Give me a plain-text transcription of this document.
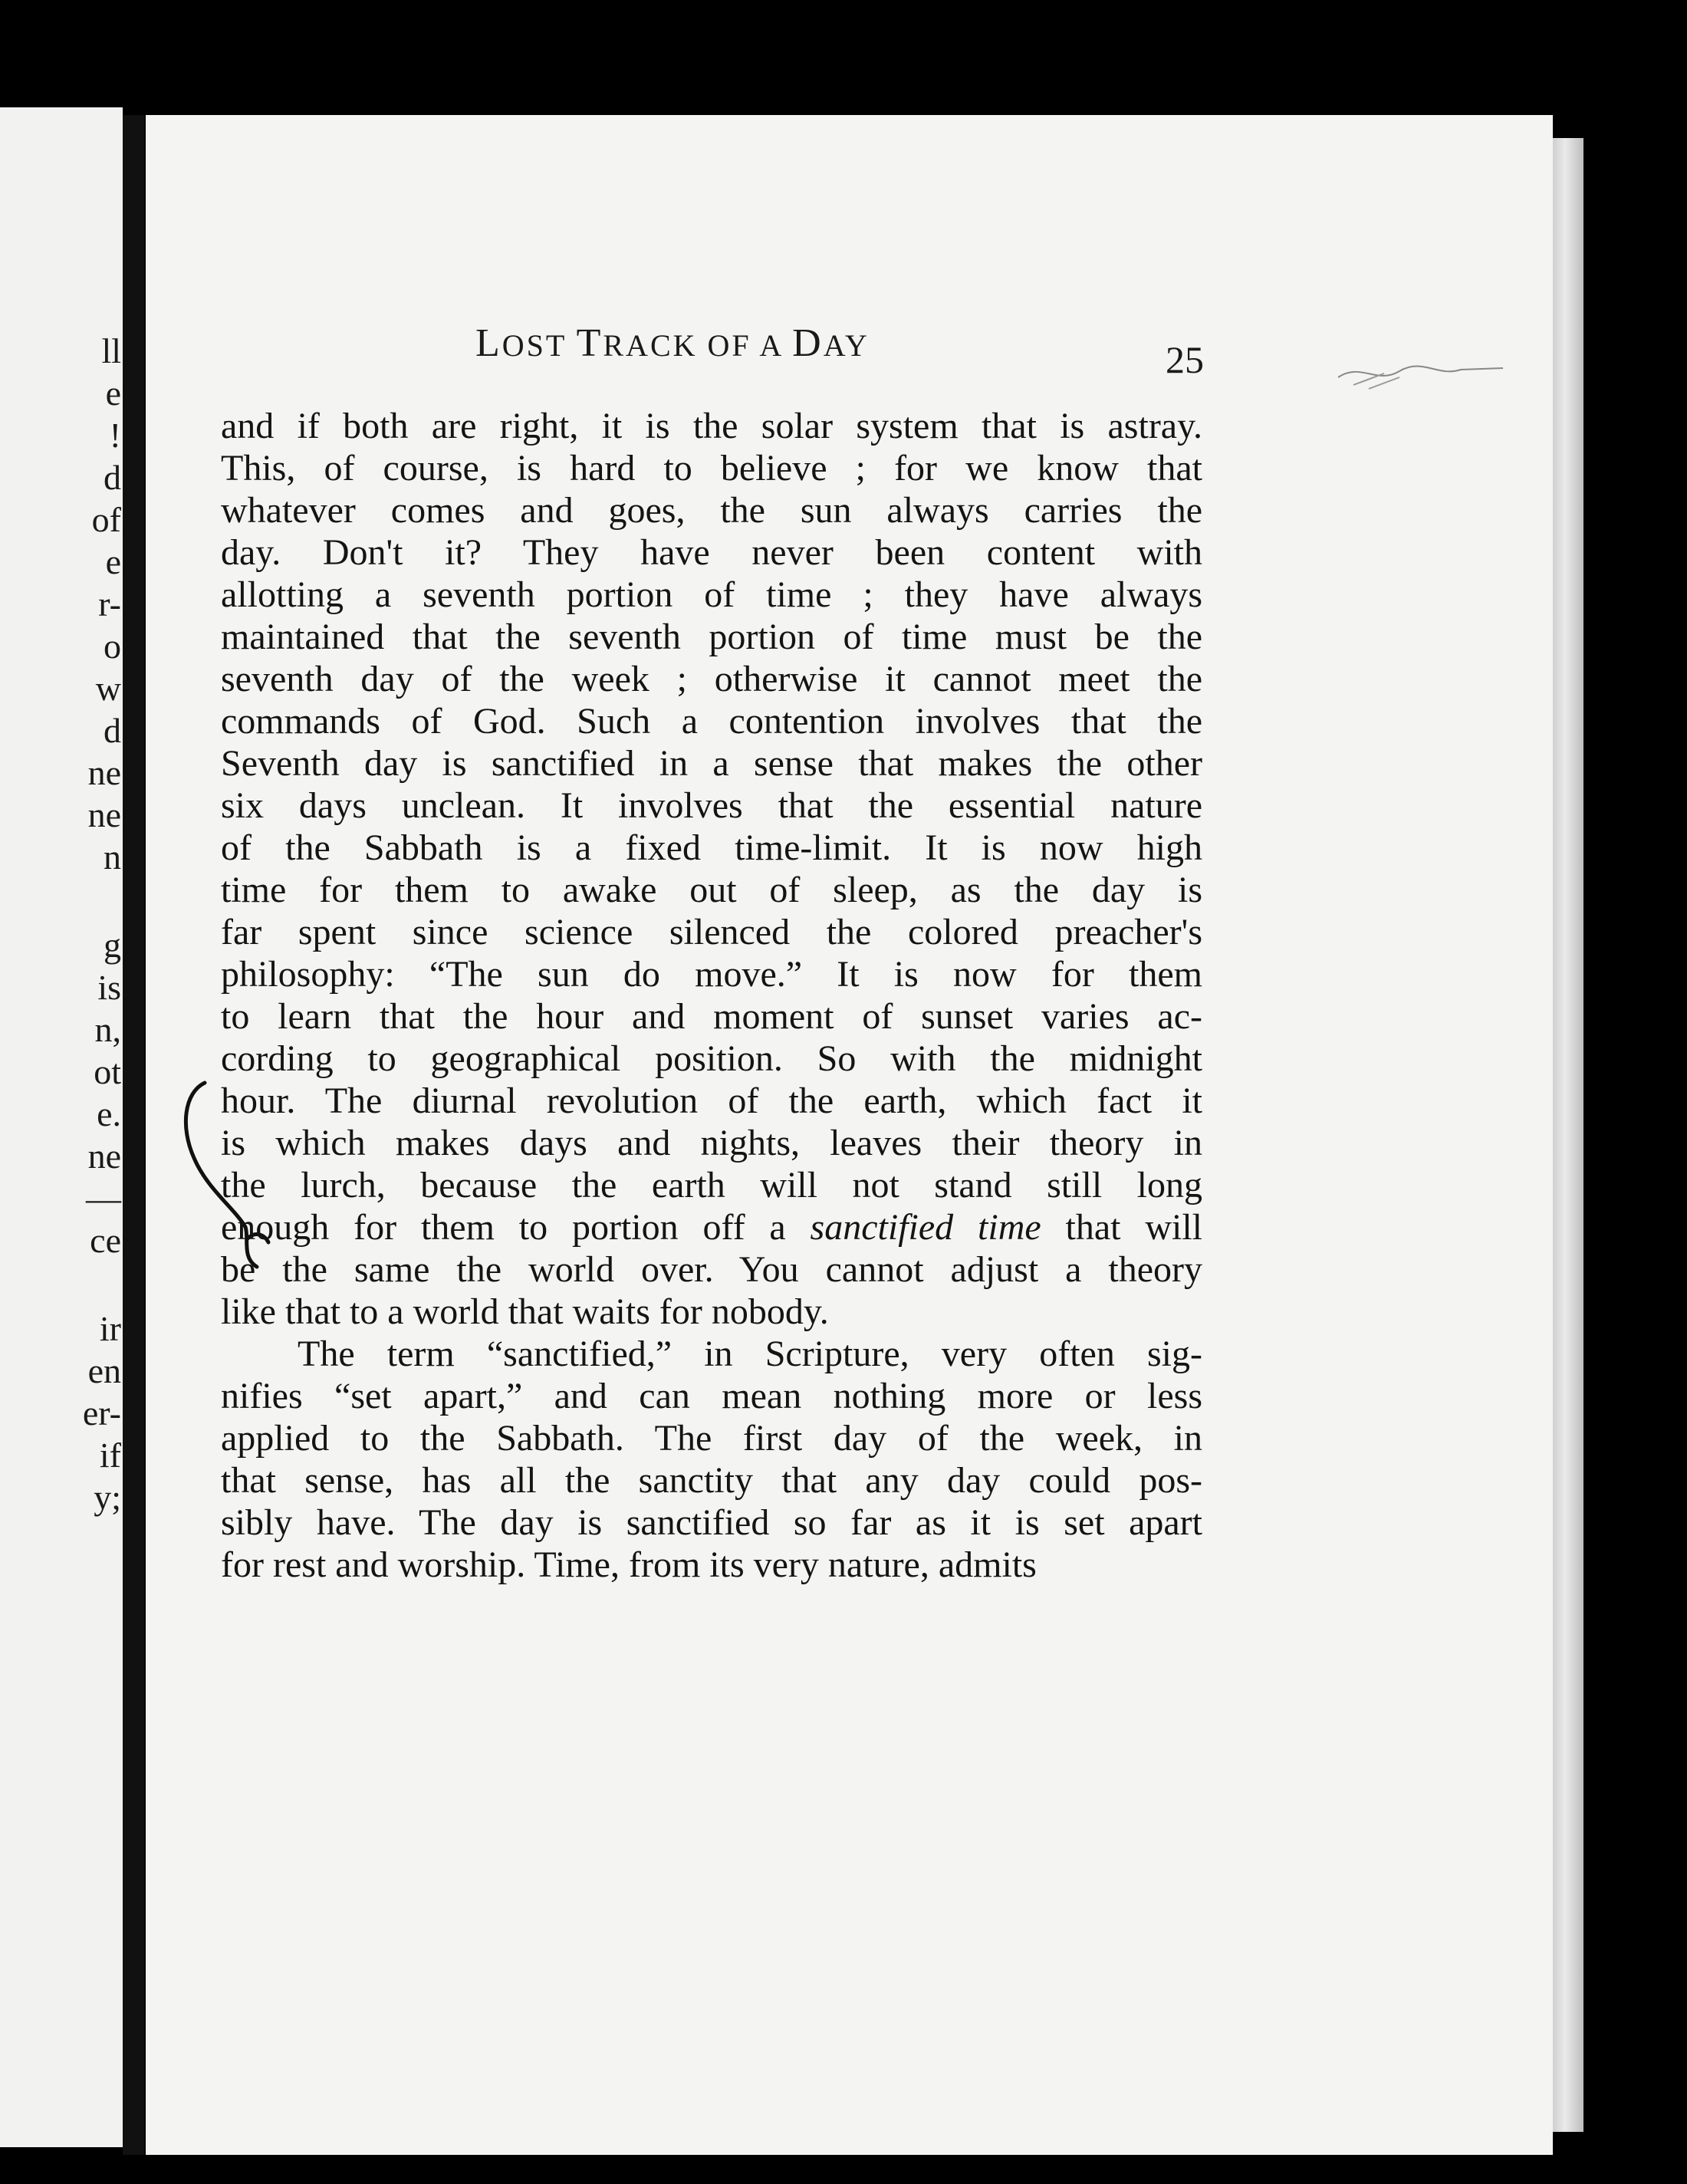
ll
e
!
d
of
e
r-
o
w
d
ne
ne
n
g
is
n,
ot
e.
ne
—
ce
ir
en
er-
if
y;
LOST TRACK OF A DAY	25
and if both are right, it is the solar system that is astray.
This, of course, is hard to believe ; for we know that
whatever comes and goes, the sun always carries the
day. Don't it? They have never been content with
allotting a seventh portion of time ; they have always
maintained that the seventh portion of time must be the
seventh day of the week ; otherwise it cannot meet the
commands of God. Such a contention involves that the
Seventh day is sanctified in a sense that makes the other
six days unclean. It involves that the essential nature
of the Sabbath is a fixed time-limit. It is now high
time for them to awake out of sleep, as the day is
far spent since science silenced the colored preacher's
philosophy: “The sun do move.” It is now for them
to learn that the hour and moment of sunset varies ac-
cording to geographical position. So with the midnight
hour. The diurnal revolution of the earth, which fact it
is which makes days and nights, leaves their theory in
the lurch, because the earth will not stand still long
enough for them to portion off a sanctified time that will
be the same the world over. You cannot adjust a theory
like that to a world that waits for nobody.
The term “sanctified,” in Scripture, very often sig-
nifies “set apart,” and can mean nothing more or less
applied to the Sabbath. The first day of the week, in
that sense, has all the sanctity that any day could pos-
sibly have. The day is sanctified so far as it is set apart
for rest and worship. Time, from its very nature, admits
